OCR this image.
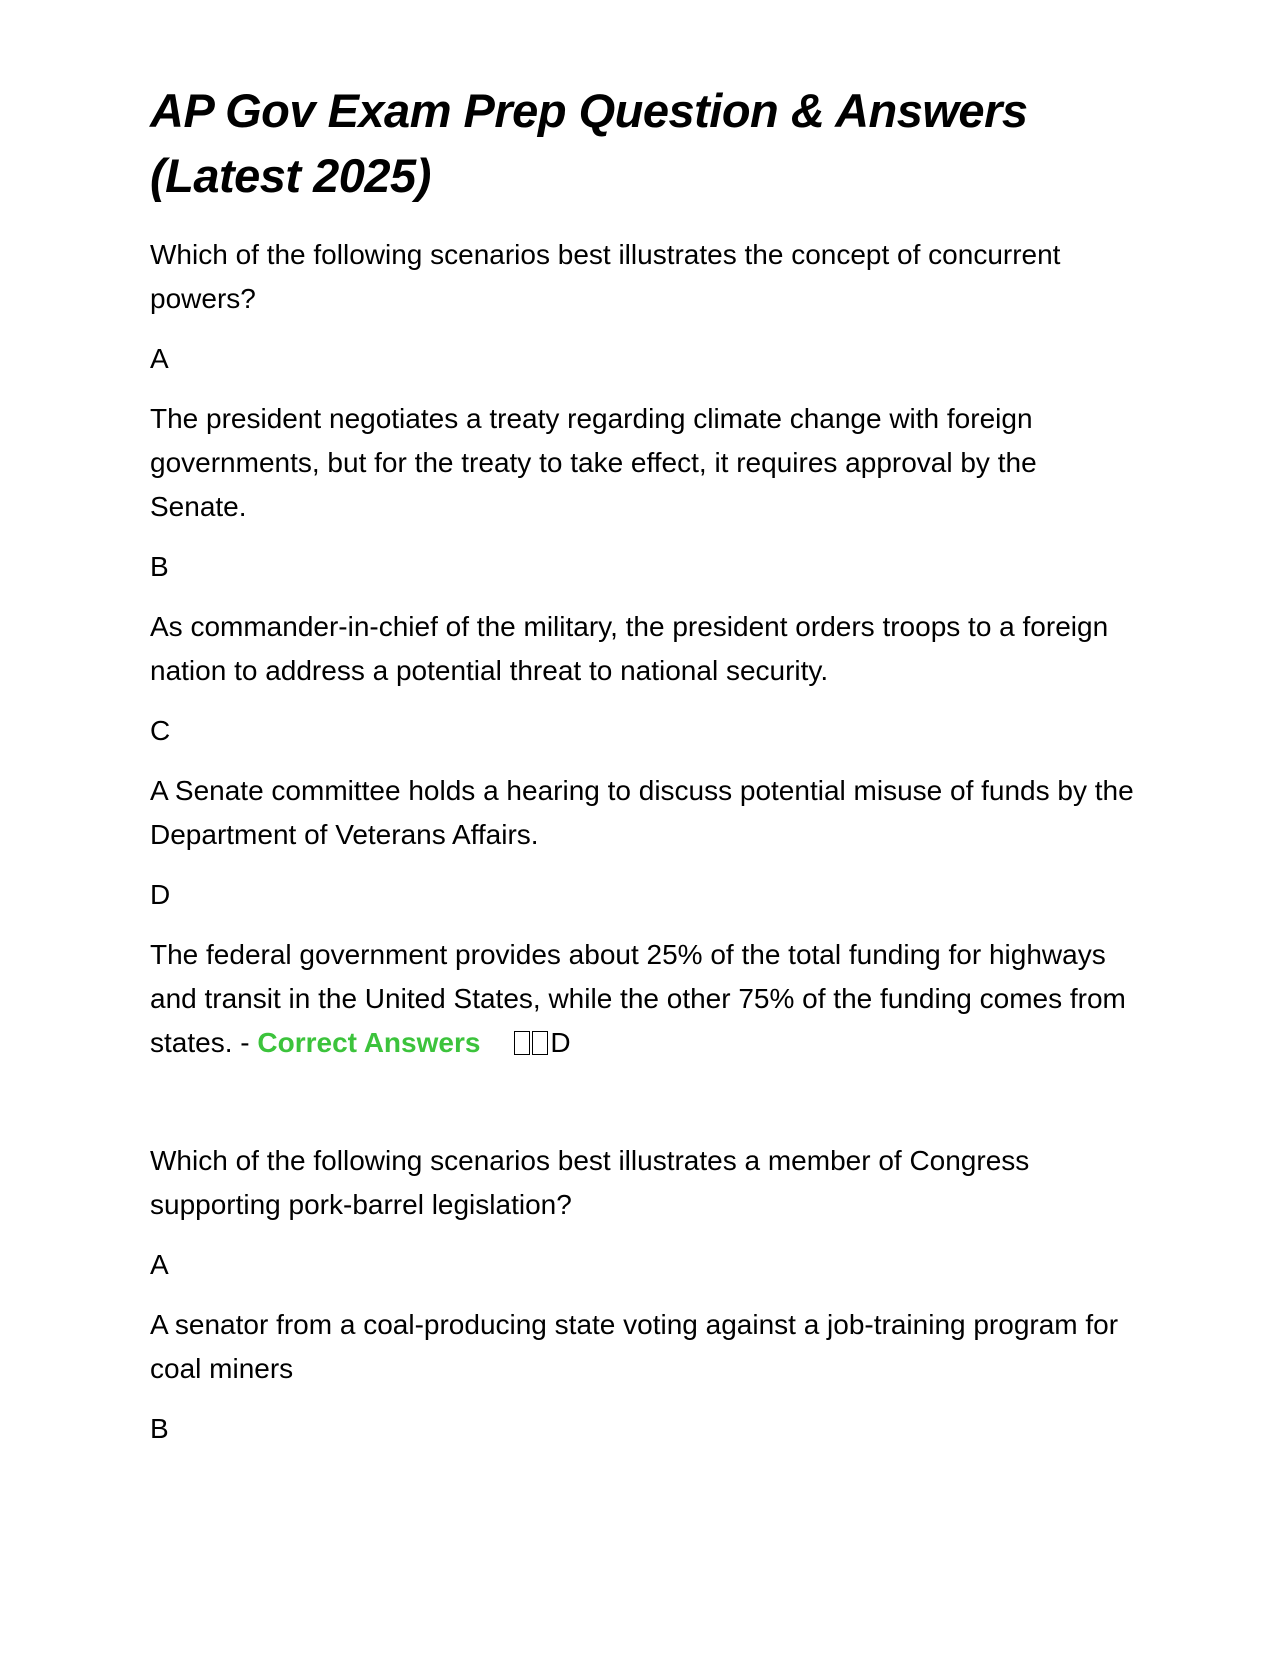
AP Gov Exam Prep Question & Answers (Latest 2025)

Which of the following scenarios best illustrates the concept of concurrent powers?

A

The president negotiates a treaty regarding climate change with foreign governments, but for the treaty to take effect, it requires approval by the Senate.

B

As commander-in-chief of the military, the president orders troops to a foreign nation to address a potential threat to national security.

C

A Senate committee holds a hearing to discuss potential misuse of funds by the Department of Veterans Affairs.

D

The federal government provides about 25% of the total funding for highways and transit in the United States, while the other 75% of the funding comes from states. - Correct Answers	D

Which of the following scenarios best illustrates a member of Congress supporting pork-barrel legislation?

A

A senator from a coal-producing state voting against a job-training program for coal miners

B
